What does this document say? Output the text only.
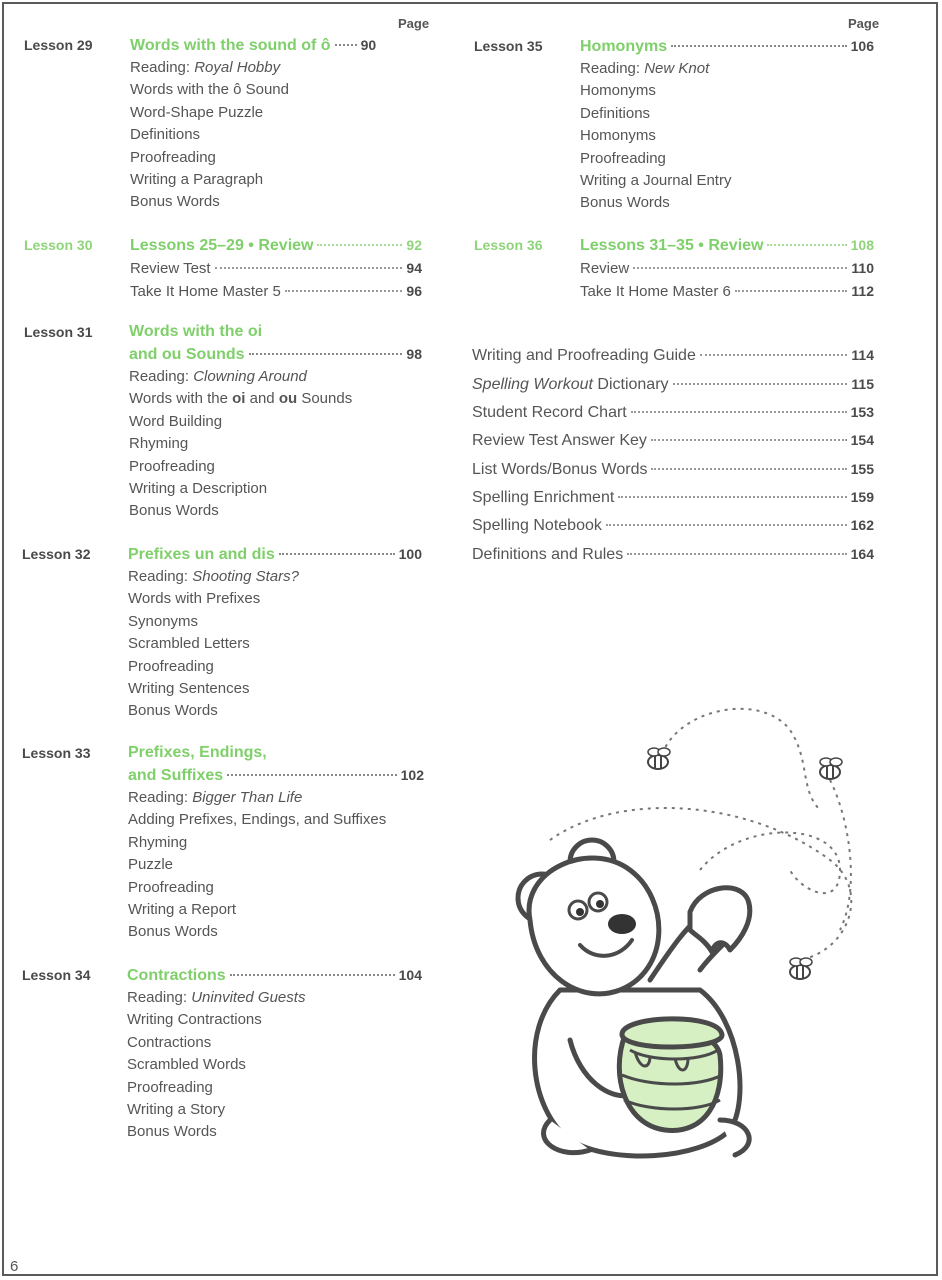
Page	Page
Lesson 29 Words with the sound of ô 90
Reading: Royal Hobby
Words with the ô Sound
Word-Shape Puzzle
Definitions
Proofreading
Writing a Paragraph
Bonus Words
Lesson 30 Lessons 25–29 • Review	92
Review Test	94
Take It Home Master 5	96
Lesson 31 Words with the oi
and ou Sounds	98
Reading: Clowning Around
Words with the oi and ou Sounds
Word Building
Rhyming
Proofreading
Writing a Description
Bonus Words
Lesson 32 Prefixes un and dis	100
Reading: Shooting Stars?
Words with Prefixes
Synonyms
Scrambled Letters
Proofreading
Writing Sentences
Bonus Words
Lesson 33 Prefixes, Endings,
and Suffixes	102
Reading: Bigger Than Life
Adding Prefixes, Endings, and Suffixes
Rhyming
Puzzle
Proofreading
Writing a Report
Bonus Words
Lesson 34 Contractions	104
Reading: Uninvited Guests
Writing Contractions
Contractions
Scrambled Words
Proofreading
Writing a Story
Bonus Words
Lesson 35 Homonyms	106
Reading: New Knot
Homonyms
Definitions
Homonyms
Proofreading
Writing a Journal Entry
Bonus Words
Lesson 36 Lessons 31–35 • Review	108
Review	110
Take It Home Master 6	112
Writing and Proofreading Guide	114
Spelling Workout Dictionary	115
Student Record Chart	153
Review Test Answer Key	154
List Words/Bonus Words	155
Spelling Enrichment	159
Spelling Notebook	162
Definitions and Rules	164
6
